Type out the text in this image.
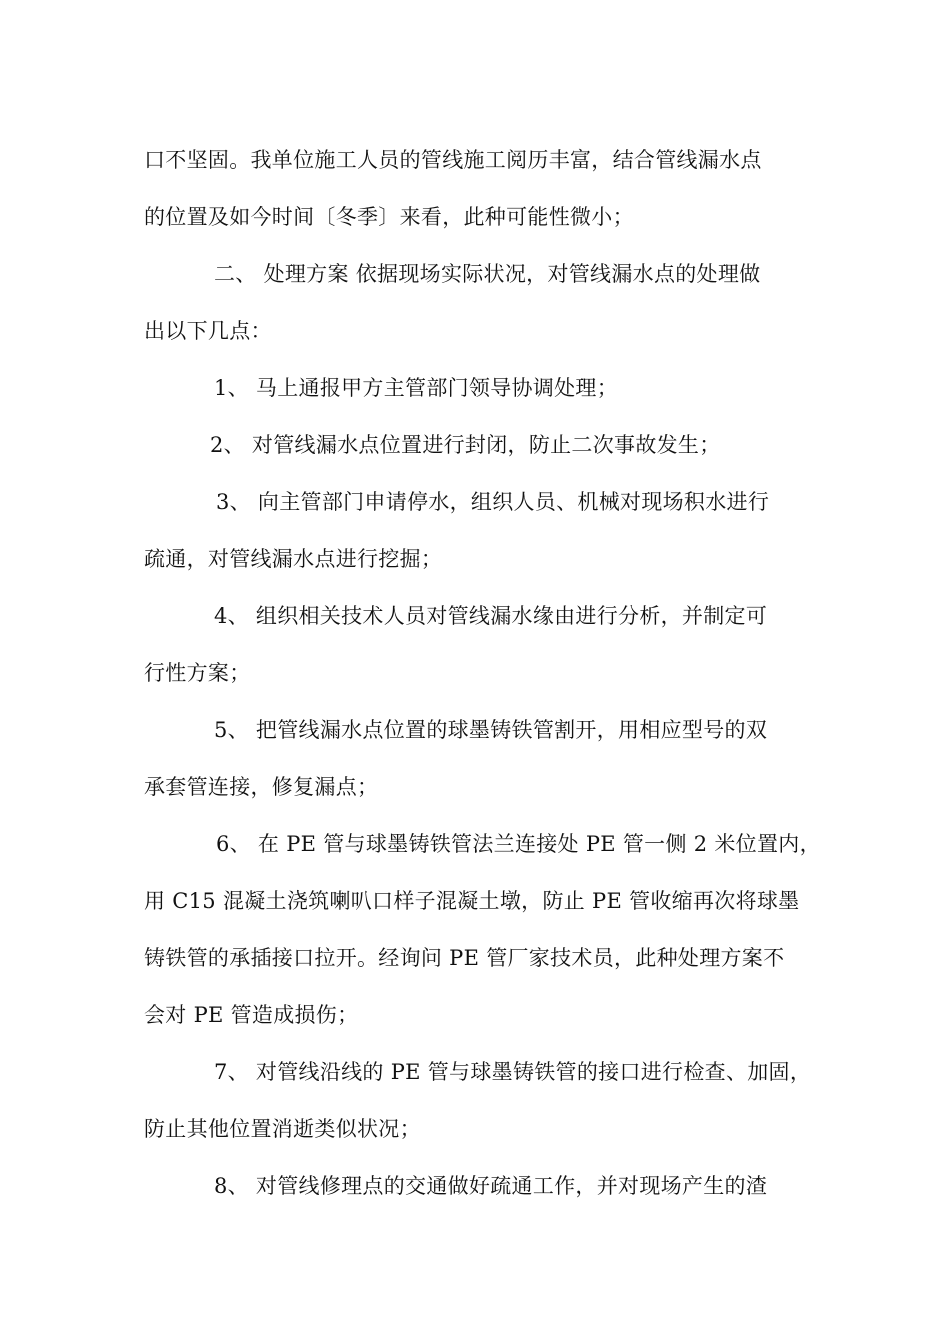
口不坚固。我单位施工人员的管线施工阅历丰富，结合管线漏水点
的位置及如今时间〔冬季〕来看，此种可能性微小；

二、 处理方案 依据现场实际状况，对管线漏水点的处理做
出以下几点：

1、 马上通报甲方主管部门领导协调处理；

2、 对管线漏水点位置进行封闭，防止二次事故发生；

3、 向主管部门申请停水，组织人员、机械对现场积水进行
疏通，对管线漏水点进行挖掘；

4、 组织相关技术人员对管线漏水缘由进行分析，并制定可
行性方案；

5、 把管线漏水点位置的球墨铸铁管割开，用相应型号的双
承套管连接，修复漏点；

6、 在 PE 管与球墨铸铁管法兰连接处 PE 管一侧 2 米位置内，
用 C15 混凝土浇筑喇叭口样子混凝土墩，防止 PE 管收缩再次将球墨
铸铁管的承插接口拉开。经询问 PE 管厂家技术员，此种处理方案不
会对 PE 管造成损伤；

7、 对管线沿线的 PE 管与球墨铸铁管的接口进行检查、加固，
防止其他位置消逝类似状况；

8、 对管线修理点的交通做好疏通工作，并对现场产生的渣
